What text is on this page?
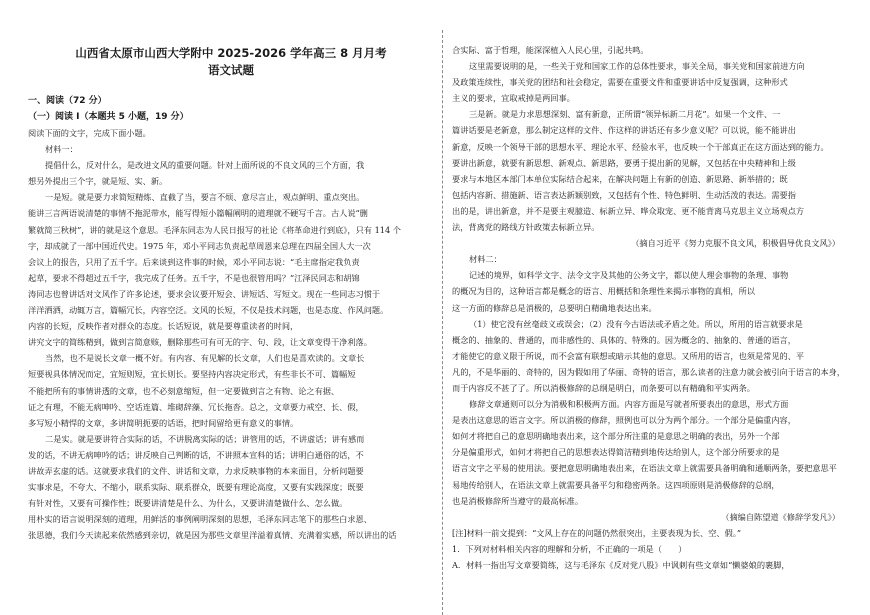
山西省太原市山西大学附中 2025-2026 学年高三 8 月月考
语文试题
一、阅读（72 分）
（一）阅读 I（本题共 5 小题，19 分）
阅读下面的文字，完成下面小题。
材料一：
提倡什么，反对什么，是改进文风的重要问题。针对上面所说的不良文风的三个方面，我
想另外提出三个字，就是短、实、新。
一是短。就是要力求简短精炼、直截了当，要言不烦、意尽言止，观点鲜明、重点突出。
能讲三言两语说清楚的事情不拖泥带水，能写得短小篇幅阐明的道理就不硬写千言。古人说“删
繁就简三秋树”，讲的就是这个意思。毛泽东同志为人民日报写的社论《将革命进行到底》，只有 114 个
字，却成就了一部中国近代史。1975 年，邓小平同志负责起草周恩来总理在四届全国人大一次
会议上的报告，只用了五千字。后来谈到这件事的时候，邓小平同志说：“毛主席指定我负责
起草，要求不得超过五千字，我完成了任务。五千字，不是也很管用吗？”江泽民同志和胡锦
涛同志也曾讲话对文风作了许多论述，要求会议要开短会、讲短话、写短文。现在一些同志习惯于
洋洋洒洒，动辄万言，篇幅冗长，内容空泛。文风的长短，不仅是技术问题，也是态度、作风问题。
内容的长短，反映作者对群众的态度。长话短说，就是要尊重读者的时间，
讲究文字的简练精到，做到言简意赅，删除那些可有可无的字、句、段，让文章变得干净利落。
当然，也不是说长文章一概不好。有内容、有见解的长文章，人们也是喜欢读的。文章长
短要视具体情况而定，宜短则短，宜长则长。要坚持内容决定形式，有些非长不可、篇幅短
不能把所有的事情讲透的文章，也不必刻意缩短，但一定要做到言之有物、论之有据、
证之有理，不能无病呻吟、空话连篇、堆砌辞藻、冗长拖沓。总之，文章要力戒空、长、假，
多写短小精悍的文章，多讲简明扼要的话语，把时间留给更有意义的事情。
二是实。就是要讲符合实际的话，不讲脱离实际的话；讲管用的话，不讲虚话；讲有感而
发的话，不讲无病呻吟的话；讲反映自己判断的话，不讲照本宣科的话；讲明白通俗的话，不
讲故弄玄虚的话。这就要求我们的文件、讲话和文章，力求反映事物的本来面目，分析问题要
实事求是，不夸大、不缩小，联系实际、联系群众，既要有理论高度，又要有实践深度；既要
有针对性，又要有可操作性；既要讲清楚是什么、为什么，又要讲清楚做什么、怎么做。
用朴实的语言说明深刻的道理，用鲜活的事例阐明深刻的思想，毛泽东同志笔下的那些白求恩、
张思德，我们今天读起来依然感到亲切，就是因为那些文章里洋溢着真情、充满着实感，所以讲出的话
合实际、富于哲理，能深深植入人民心里，引起共鸣。
这里需要说明的是，一些关于党和国家工作的总体性要求，事关全局，事关党和国家前进方向
及政策连续性，事关党的团结和社会稳定，需要在重要文件和重要讲话中反复强调，这种形式
主义的要求，宜取戒掉是两回事。
三是新。就是力求思想深刻、富有新意，正所谓“领异标新二月花”。如果一个文件、一
篇讲话要是老新意，那么制定这样的文件、作这样的讲话还有多少意义呢？可以说，能不能讲出
新意，反映一个领导干部的思想水平、理论水平、经验水平，也反映一个干部真正在这方面达到的能力。
要讲出新意，就要有新思想、新观点、新思路，要勇于提出新的见解，又包括在中央精神和上级
要求与本地区本部门本单位实际结合起来，在解决问题上有新的创造、新思路、新举措的；既
包括内容新、措施新、语言表达新颖别致，又包括有个性、特色鲜明、生动活泼的表达。需要指
出的是，讲出新意，并不是要主观臆造、标新立异、哗众取宠、更不能背离马克思主义立场观点方
法，背离党的路线方针政策去标新立异。
（摘自习近平《努力克服不良文风，积极倡导优良文风》）
材料二：
记述的境界，如科学文字、法令文字及其他的公务文字，都以使人理会事物的条理、事物
的概况为目的，这种语言都是概念的语言、用概括和条理性来揭示事物的真相，所以
这一方面的修辞总是消极的，总要明白精确地表达出来。
（1）使它没有丝毫歧义或误会；（2）没有今古语法或矛盾之处。所以，所用的语言就要求是
概念的、抽象的、普通的，而非感性的、具体的、特殊的。因为概念的、抽象的、普通的语言，
才能使它的意义限于所说，而不会富有联想或暗示其他的意思。又所用的语言，也须是常见的、平
凡的，不是华丽的、奇特的，因为假如用了华丽、奇特的语言，那么读者的注意力就会被引向于语言的本身，
而于内容反不甚了了。所以消极修辞的总纲是明白，而条要可以有精确和平实两条。
修辞文章通则可以分为消极和积极两方面。内容方面是写就者所要表出的意思，形式方面
是表出这意思的语言文字。所以消极的修辞，照例也可以分为两个部分。一个部分是偏重内容，
如何才将把自己的意思明确地表出来，这个部分所注重的是意思之明确的表出，另外一个部
分是偏重形式，如何才将把自己的思想表达得简洁精到地传达给别人，这个部分所要求的是
语言文字之平易的使用法。要把意思明确地表出来，在语法文章上就需要具备明确和通顺两条，要把意思平
易地传给别人，在语法文章上就需要具备平匀和稳密两条。这四项原则是消极修辞的总纲，
也是消极修辞所当遵守的最高标准。
（摘编自陈望道《修辞学发凡》）
[注]材料一前文提到：“文风上存在的问题仍然很突出，主要表现为长、空、假。”
1．下列对材料相关内容的理解和分析，不正确的一项是（　　）
A．材料一指出写文章要简练，这与毛泽东《反对党八股》中讽刺有些文章如“懒婆娘的裹脚，
